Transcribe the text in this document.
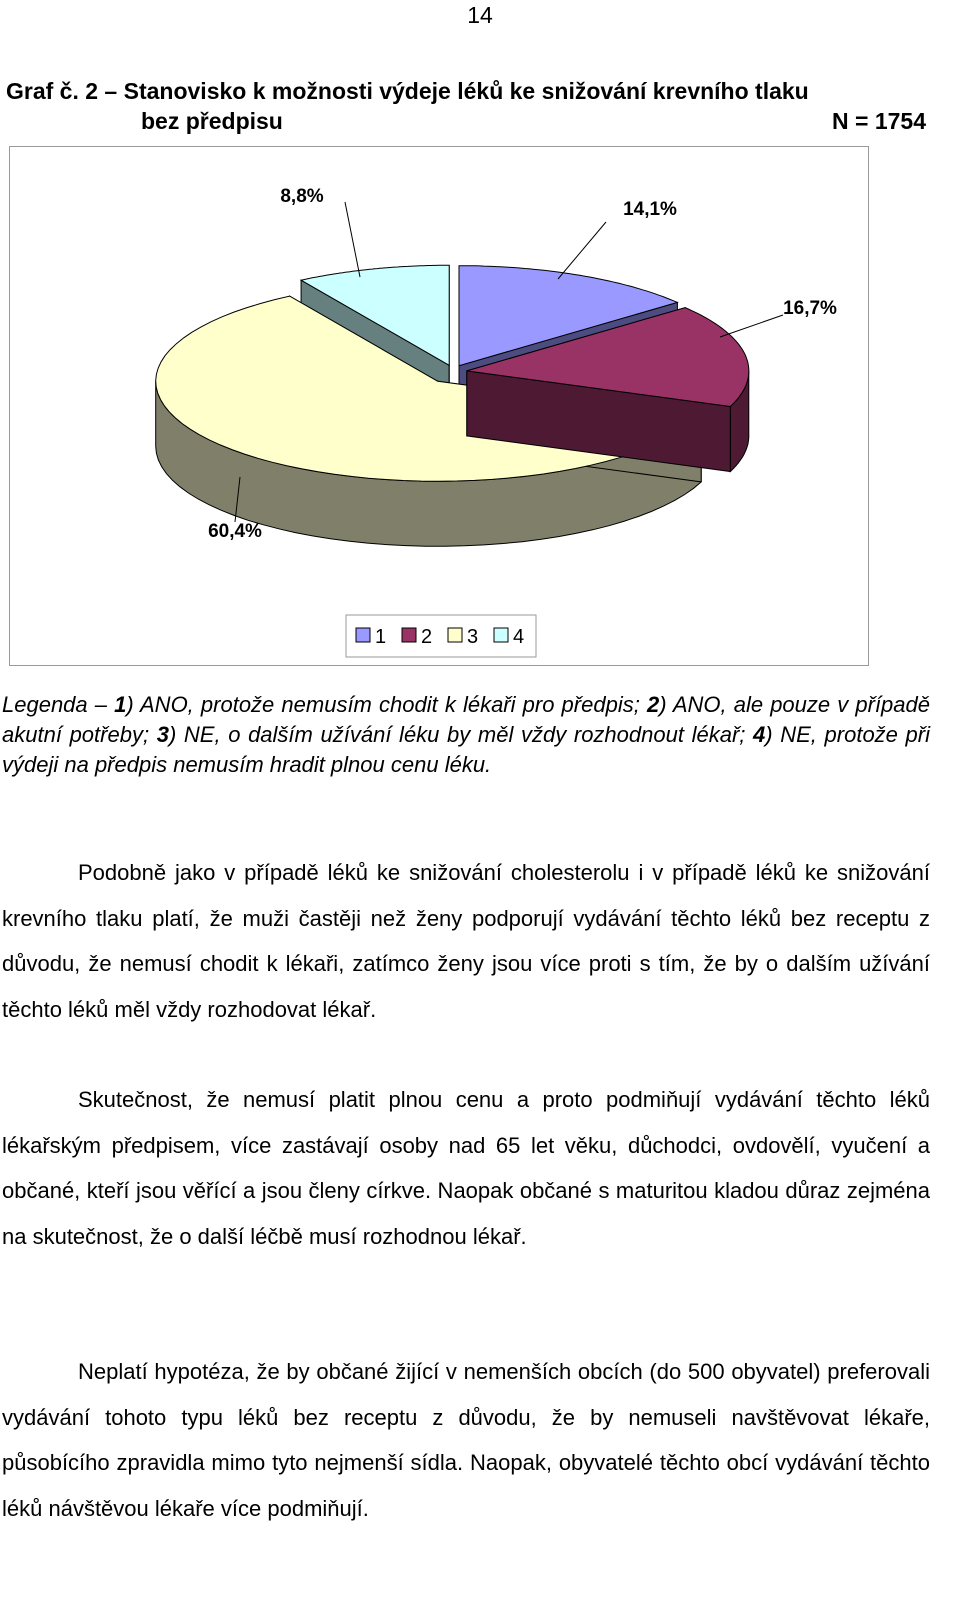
14
Graf č. 2 – Stanovisko k možnosti výdeje léků ke snižování krevního tlaku
bez předpisu	N = 1754
14,1%
16,7%
60,4%
8,8%
1 2 3 4
Legenda – 1) ANO, protože nemusím chodit k lékaři pro předpis; 2) ANO, ale pouze v případě akutní potřeby; 3) NE, o dalším užívání léku by měl vždy rozhodnout lékař; 4) NE, protože při výdeji na předpis nemusím hradit plnou cenu léku.
Podobně jako v případě léků ke snižování cholesterolu i v případě léků ke snižování krevního tlaku platí, že muži častěji než ženy podporují vydávání těchto léků bez receptu z důvodu, že nemusí chodit k lékaři, zatímco ženy jsou více proti s tím, že by o dalším užívání těchto léků měl vždy rozhodovat lékař.
Skutečnost, že nemusí platit plnou cenu a proto podmiňují vydávání těchto léků lékařským předpisem, více zastávají osoby nad 65 let věku, důchodci, ovdovělí, vyučení a občané, kteří jsou věřící a jsou členy církve. Naopak občané s maturitou kladou důraz zejména na skutečnost, že o další léčbě musí rozhodnou lékař.
Neplatí hypotéza, že by občané žijící v nemenších obcích (do 500 obyvatel) preferovali vydávání tohoto typu léků bez receptu z důvodu, že by nemuseli navštěvovat lékaře, působícího zpravidla mimo tyto nejmenší sídla. Naopak, obyvatelé těchto obcí vydávání těchto léků návštěvou lékaře více podmiňují.
